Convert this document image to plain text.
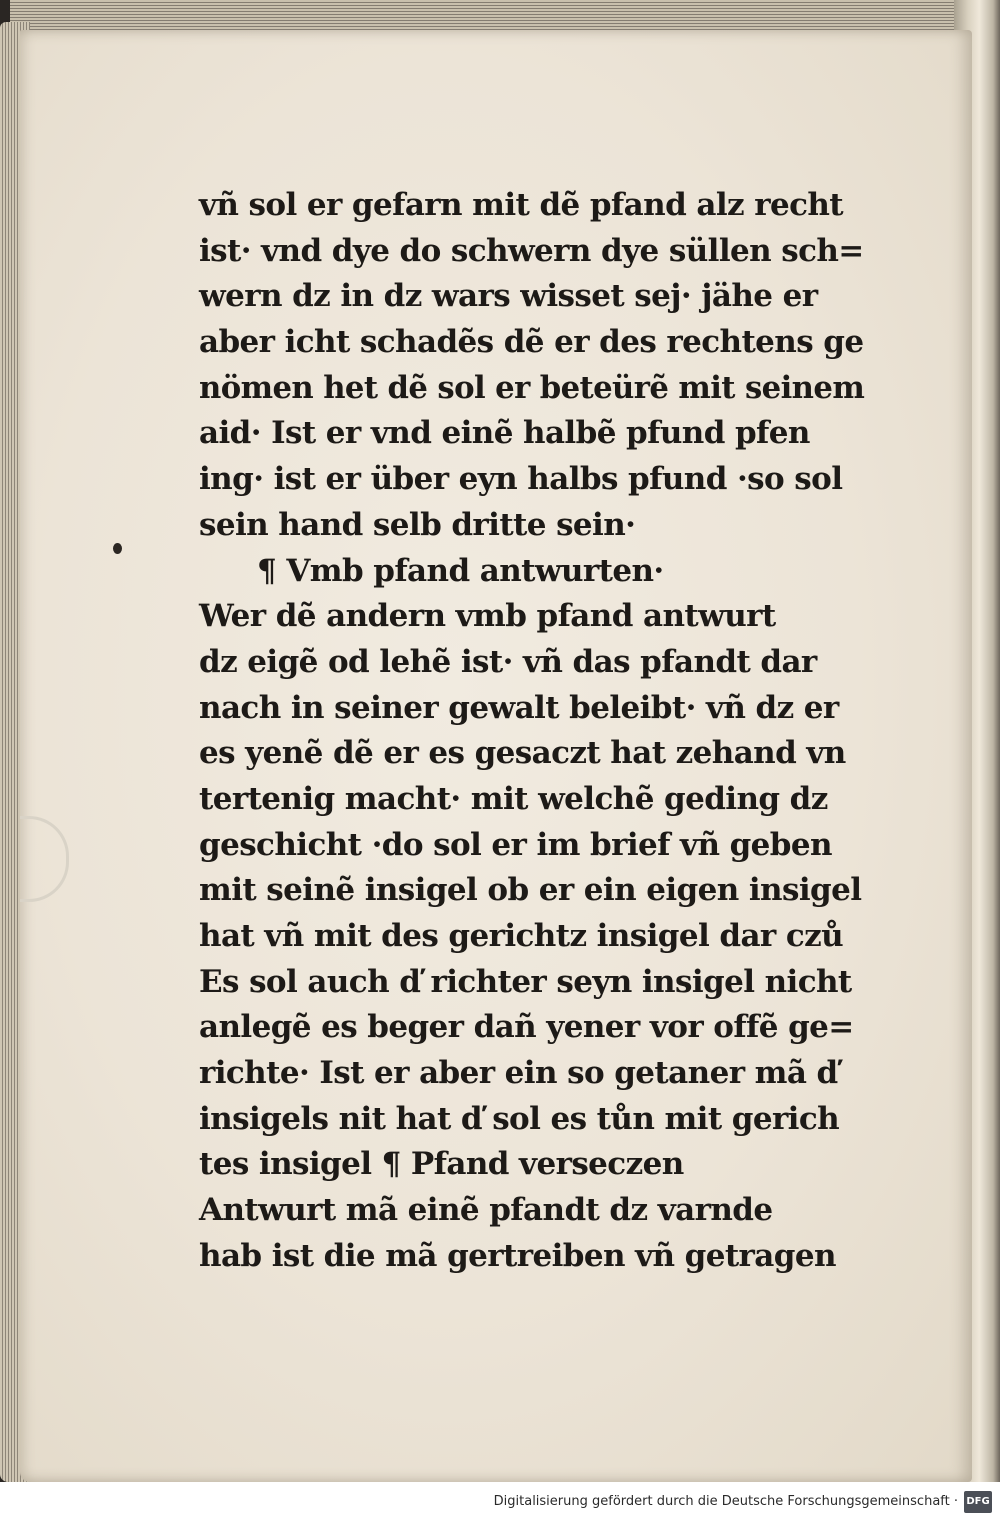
vñ sol er gefarn mit dẽ pfand alz recht
ist· vnd dye do schwern dye süllen sch=
wern dz in dz wars wisset sej· jähe er
aber icht schadẽs dẽ er des rechtens ge
nömen het dẽ sol er beteürẽ mit seinem
aid· Ist er vnd einẽ halbẽ pfund pfen
ing· ist er über eyn halbs pfund ·so sol
sein hand selb dritte sein·
¶ Vmb pfand antwurten·
Wer dẽ andern vmb pfand antwurt
dz eigẽ od lehẽ ist· vñ das pfandt dar
nach in seiner gewalt beleibt· vñ dz er
es yenẽ dẽ er es gesaczt hat zehand vn
tertenig macht· mit welchẽ geding dz
geschicht ·do sol er im brief vñ geben
mit seinẽ insigel ob er ein eigen insigel
hat vñ mit des gerichtz insigel dar czů
Es sol auch ď richter seyn insigel nicht
anlegẽ es beger dañ yener vor offẽ ge=
richte· Ist er aber ein so getaner mã ď
insigels nit hat ď sol es tůn mit gerich
tes insigel ¶ Pfand verseczen
Antwurt mã einẽ pfandt dz varnde
hab ist die mã gertreiben vñ getragen
Digitalisierung gefördert durch die Deutsche Forschungsgemeinschaft · DFG
